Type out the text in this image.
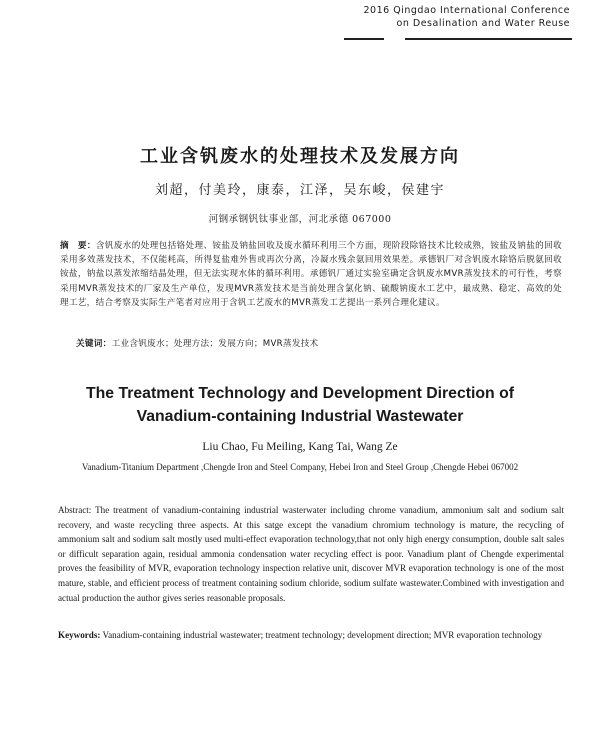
2016 Qingdao International Conference
on Desalination and Water Reuse
工业含钒废水的处理技术及发展方向
刘超，付美玲，康泰，江泽，吴东峻，侯建宇
河钢承钢钒钛事业部，河北承德 067000

摘　要：含钒废水的处理包括铬处理、铵盐及钠盐回收及废水循环利用三个方面，现阶段除铬技术比较成熟，铵盐及钠盐的回收采用多效蒸发技术，不仅能耗高，所得复盐难外售或再次分离，冷凝水残余氨回用效果差。承德钒厂对含钒废水除铬后脱氨回收铵盐，钠盐以蒸发浓缩结晶处理，但无法实现水体的循环利用。承德钒厂通过实验室确定含钒废水MVR蒸发技术的可行性，考察采用MVR蒸发技术的厂家及生产单位，发现MVR蒸发技术是当前处理含氯化钠、硫酸钠废水工艺中，最成熟、稳定、高效的处理工艺，结合考察及实际生产笔者对应用于含钒工艺废水的MVR蒸发工艺提出一系列合理化建议。

关键词：工业含钒废水；处理方法；发展方向；MVR蒸发技术

The Treatment Technology and Development Direction of
Vanadium-containing Industrial Wastewater
Liu Chao, Fu Meiling, Kang Tai, Wang Ze
Vanadium-Titanium Department ,Chengde Iron and Steel Company, Hebei Iron and Steel Group ,Chengde Hebei 067002

Abstract: The treatment of vanadium-containing industrial wasterwater including chrome vanadium, ammonium salt and sodium salt recovery, and waste recycling three aspects. At this satge except the vanadium chromium technology is mature, the recycling of ammonium salt and sodium salt mostly used multi-effect evaporation technology,that not only high energy consumption, double salt sales or difficult separation again, residual ammonia condensation water recycling effect is poor. Vanadium plant of Chengde experimental proves the feasibility of MVR, evaporation technology inspection relative unit, discover MVR evaporation technology is one of the most mature, stable, and efficient process of treatment containing sodium chloride, sodium sulfate wastewater.Combined with investigation and actual production the author gives series reasonable proposals.

Keywords: Vanadium-containing industrial wastewater; treatment technology; development direction; MVR evaporation technology
